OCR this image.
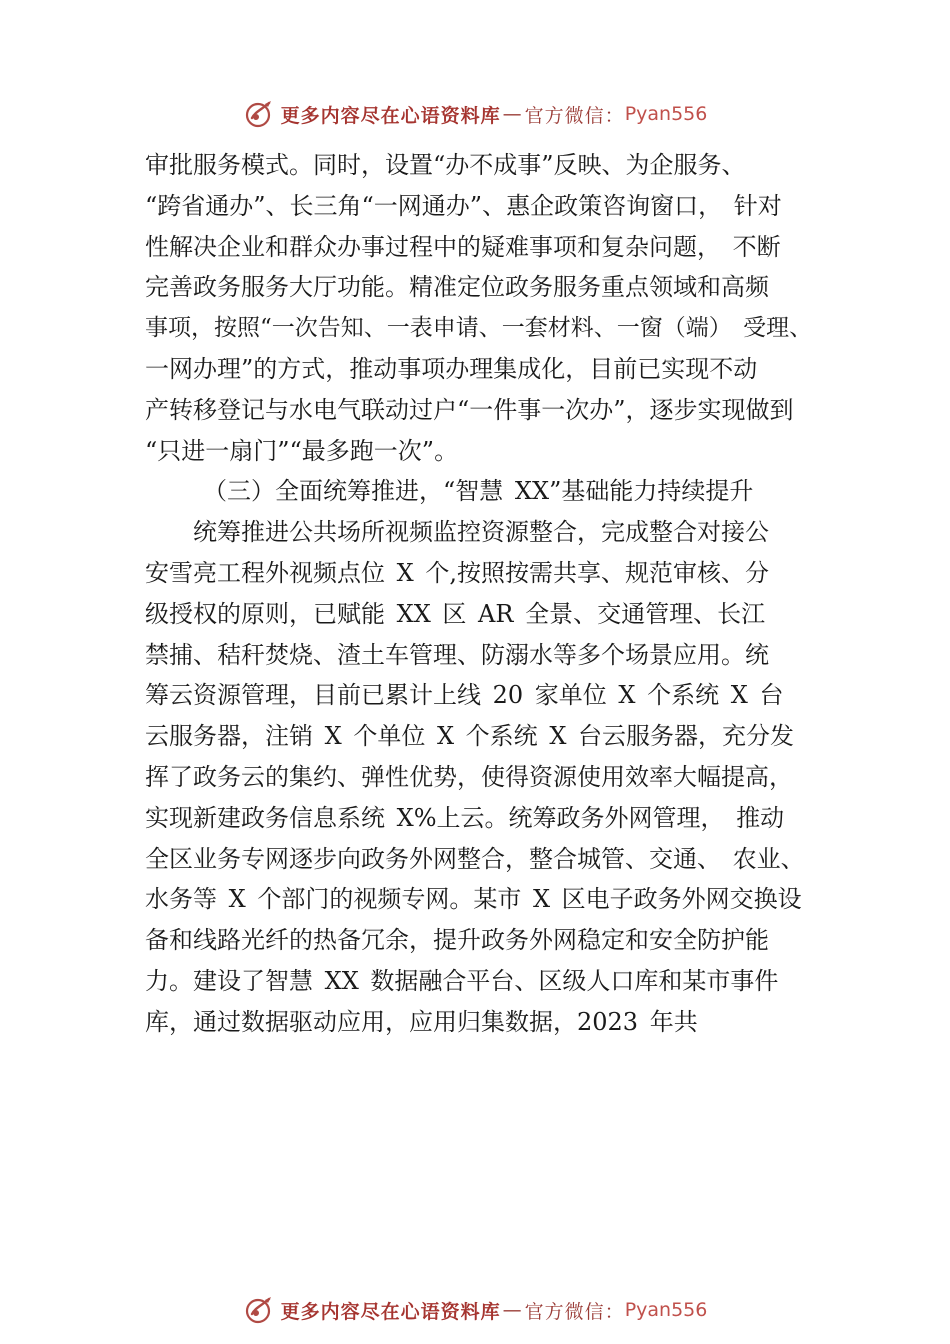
更多内容尽在心语资料库 — 官方微信： Pyan556
审批服务模式。同时，设置“办不成事”反映、为企服务、
“跨省通办”、长三角“一网通办”、惠企政策咨询窗口， 针对
性解决企业和群众办事过程中的疑难事项和复杂问题， 不断
完善政务服务大厅功能。精准定位政务服务重点领域和高频
事项，按照“一次告知、一表申请、一套材料、一窗（端） 受理、
一网办理”的方式，推动事项办理集成化，目前已实现不动
产转移登记与水电气联动过户“一件事一次办”，逐步实现做到
“只进一扇门”“最多跑一次”。
（三）全面统筹推进，“智慧 XX”基础能力持续提升
统筹推进公共场所视频监控资源整合，完成整合对接公
安雪亮工程外视频点位 X 个,按照按需共享、规范审核、分
级授权的原则，已赋能 XX 区 AR 全景、交通管理、长江
禁捕、秸秆焚烧、渣土车管理、防溺水等多个场景应用。统
筹云资源管理，目前已累计上线 20 家单位 X 个系统 X 台
云服务器，注销 X 个单位 X 个系统 X 台云服务器，充分发
挥了政务云的集约、弹性优势，使得资源使用效率大幅提高，
实现新建政务信息系统 X%上云。统筹政务外网管理， 推动
全区业务专网逐步向政务外网整合，整合城管、交通、 农业、
水务等 X 个部门的视频专网。某市 X 区电子政务外网交换设
备和线路光纤的热备冗余，提升政务外网稳定和安全防护能
力。建设了智慧 XX 数据融合平台、区级人口库和某市事件
库，通过数据驱动应用，应用归集数据，2023 年共
更多内容尽在心语资料库 — 官方微信： Pyan556
